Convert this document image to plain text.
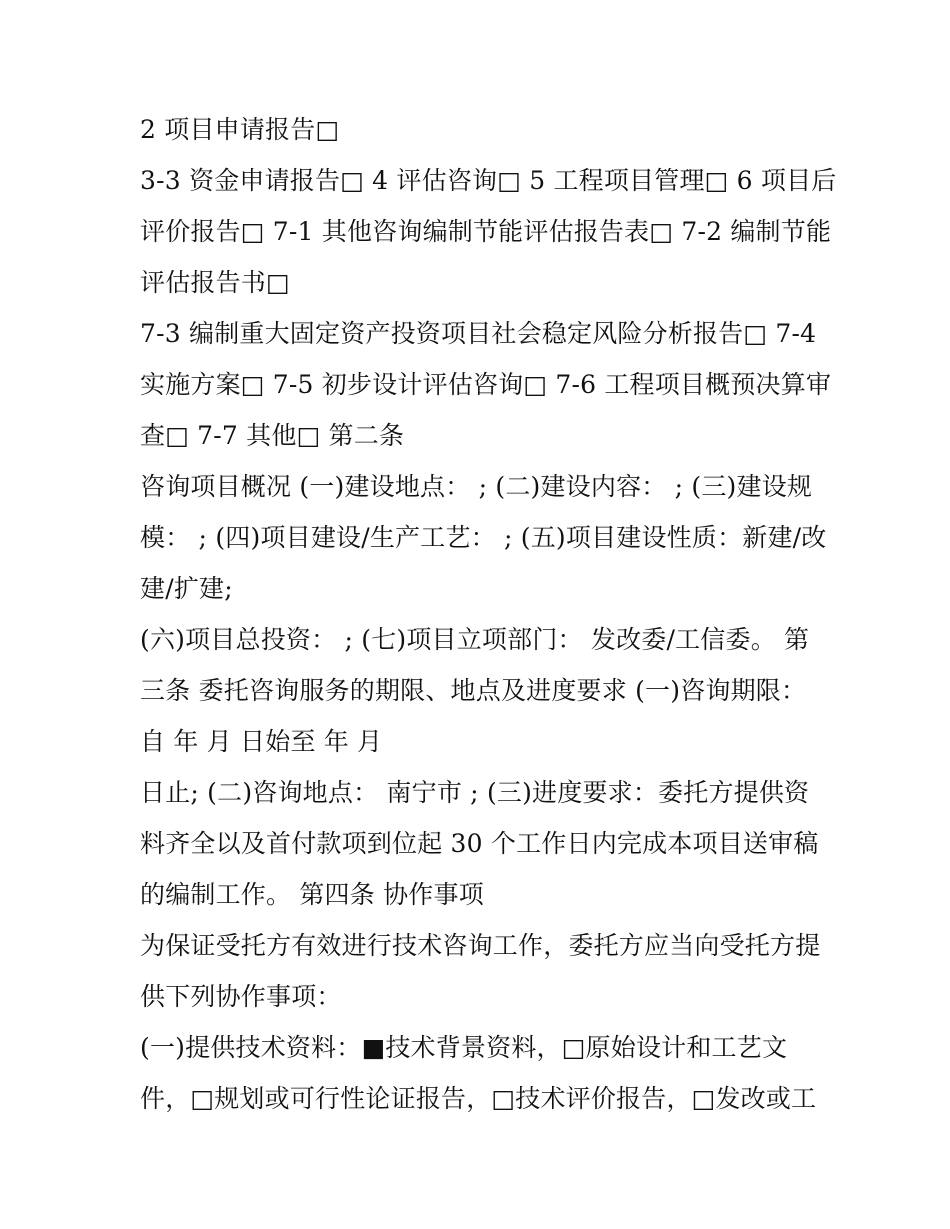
2 项目申请报告□
3-3 资金申请报告□ 4 评估咨询□ 5 工程项目管理□ 6 项目后
评价报告□ 7-1 其他咨询编制节能评估报告表□ 7-2 编制节能
评估报告书□
7-3 编制重大固定资产投资项目社会稳定风险分析报告□ 7-4
实施方案□ 7-5 初步设计评估咨询□ 7-6 工程项目概预决算审
查□ 7-7 其他□ 第二条
咨询项目概况 (一)建设地点： ; (二)建设内容： ; (三)建设规
模： ; (四)项目建设/生产工艺： ; (五)项目建设性质：新建/改
建/扩建;
(六)项目总投资： ; (七)项目立项部门： 发改委/工信委。 第
三条 委托咨询服务的期限、地点及进度要求 (一)咨询期限：
自 年 月 日始至 年 月
日止; (二)咨询地点： 南宁市 ; (三)进度要求：委托方提供资
料齐全以及首付款项到位起 30 个工作日内完成本项目送审稿
的编制工作。 第四条 协作事项
为保证受托方有效进行技术咨询工作，委托方应当向受托方提
供下列协作事项：
(一)提供技术资料：■技术背景资料，□原始设计和工艺文
件，□规划或可行性论证报告，□技术评价报告，□发改或工
